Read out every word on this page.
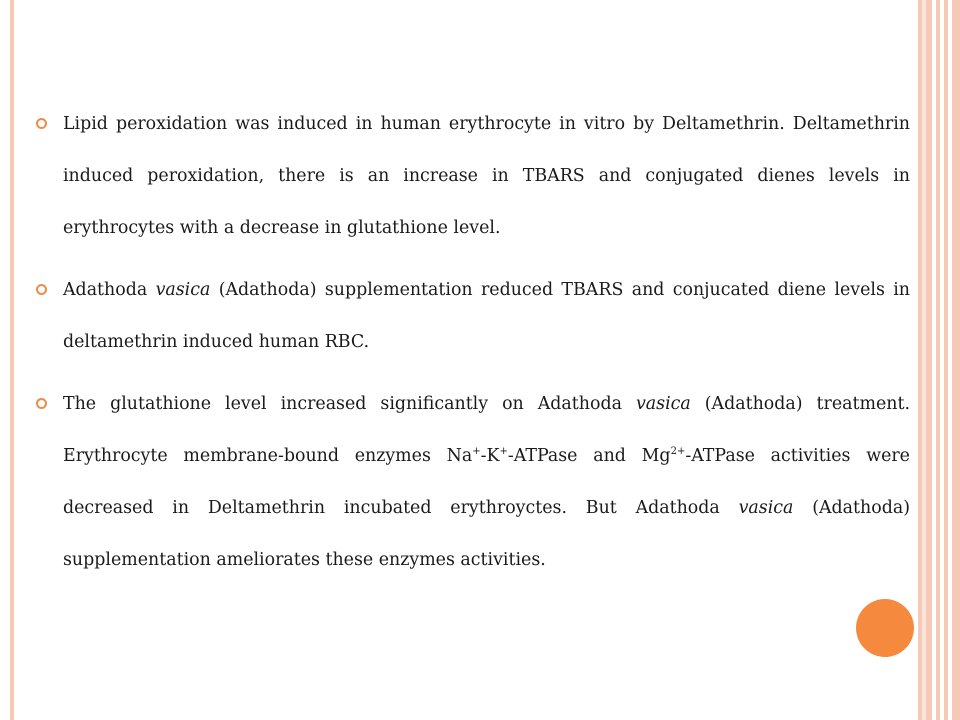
Lipid peroxidation was induced in human erythrocyte in vitro by Deltamethrin. Deltamethrin induced peroxidation, there is an increase in TBARS and conjugated dienes levels in erythrocytes with a decrease in glutathione level.

Adathoda vasica (Adathoda) supplementation reduced TBARS and conjucated diene levels in deltamethrin induced human RBC.

The glutathione level increased significantly on Adathoda vasica (Adathoda) treatment. Erythrocyte membrane-bound enzymes Na+-K+-ATPase and $Mg^{2+}$-ATPase activities were decreased in Deltamethrin incubated erythroyctes. But Adathoda vasica (Adathoda) supplementation ameliorates these enzymes activities.
